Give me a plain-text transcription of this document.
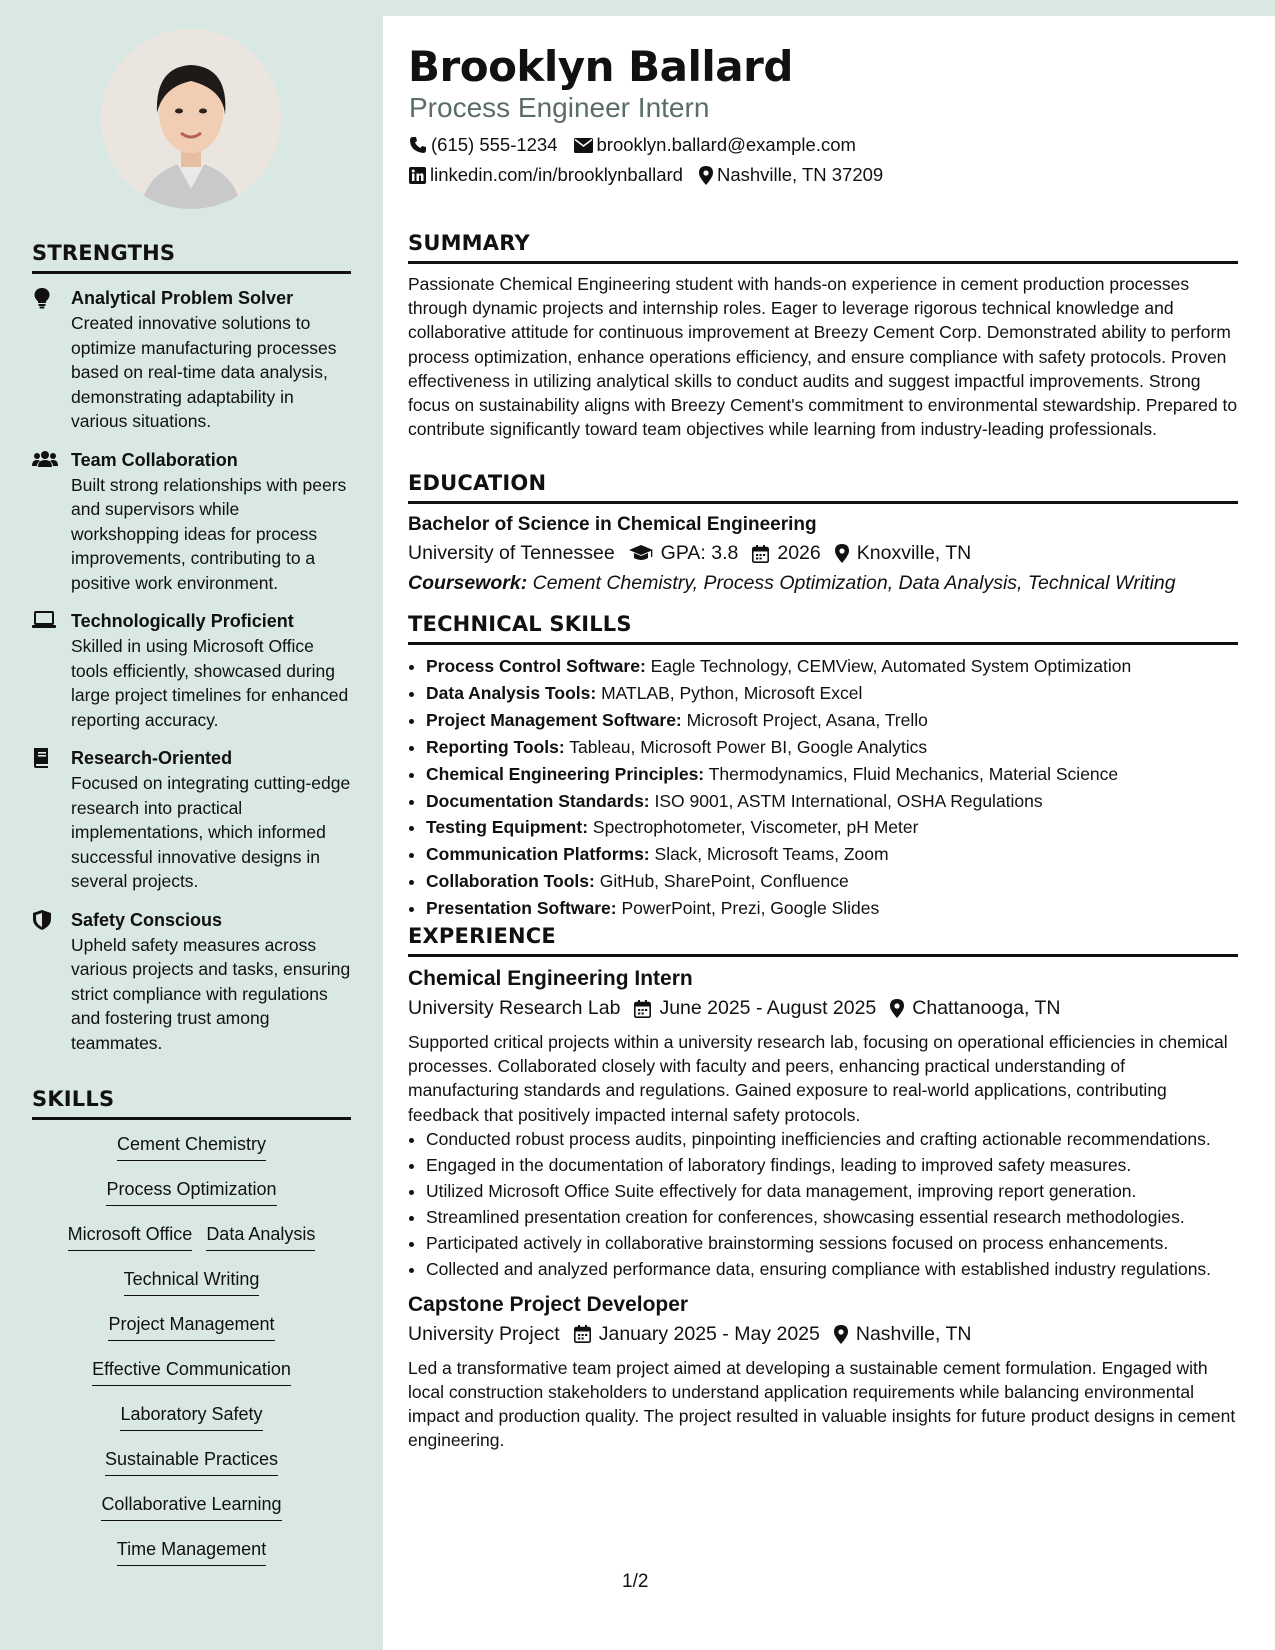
STRENGTHS
Analytical Problem Solver
Created innovative solutions to optimize manufacturing processes based on real-time data analysis, demonstrating adaptability in various situations.
Team Collaboration
Built strong relationships with peers and supervisors while workshopping ideas for process improvements, contributing to a positive work environment.
Technologically Proficient
Skilled in using Microsoft Office tools efficiently, showcased during large project timelines for enhanced reporting accuracy.
Research-Oriented
Focused on integrating cutting-edge research into practical implementations, which informed successful innovative designs in several projects.
Safety Conscious
Upheld safety measures across various projects and tasks, ensuring strict compliance with regulations and fostering trust among teammates.
SKILLS
Cement Chemistry
Process Optimization
Microsoft Office Data Analysis
Technical Writing
Project Management
Effective Communication
Laboratory Safety
Sustainable Practices
Collaborative Learning
Time Management
Brooklyn Ballard
Process Engineer Intern
(615) 555-1234 brooklyn.ballard@example.com
linkedin.com/in/brooklynballard Nashville, TN 37209
SUMMARY

Passionate Chemical Engineering student with hands-on experience in cement production processes through dynamic projects and internship roles. Eager to leverage rigorous technical knowledge and collaborative attitude for continuous improvement at Breezy Cement Corp. Demonstrated ability to perform process optimization, enhance operations efficiency, and ensure compliance with safety protocols. Proven effectiveness in utilizing analytical skills to conduct audits and suggest impactful improvements. Strong focus on sustainability aligns with Breezy Cement's commitment to environmental stewardship. Prepared to contribute significantly toward team objectives while learning from industry-leading professionals.

EDUCATION
Bachelor of Science in Chemical Engineering
University of Tennessee GPA: 3.8 2026 Knoxville, TN
Coursework: Cement Chemistry, Process Optimization, Data Analysis, Technical Writing
TECHNICAL SKILLS
• Process Control Software: Eagle Technology, CEMView, Automated System Optimization
• Data Analysis Tools: MATLAB, Python, Microsoft Excel
• Project Management Software: Microsoft Project, Asana, Trello
• Reporting Tools: Tableau, Microsoft Power BI, Google Analytics
• Chemical Engineering Principles: Thermodynamics, Fluid Mechanics, Material Science
• Documentation Standards: ISO 9001, ASTM International, OSHA Regulations
• Testing Equipment: Spectrophotometer, Viscometer, pH Meter
• Communication Platforms: Slack, Microsoft Teams, Zoom
• Collaboration Tools: GitHub, SharePoint, Confluence
• Presentation Software: PowerPoint, Prezi, Google Slides
EXPERIENCE
Chemical Engineering Intern
University Research Lab June 2025 - August 2025 Chattanooga, TN

Supported critical projects within a university research lab, focusing on operational efficiencies in chemical processes. Collaborated closely with faculty and peers, enhancing practical understanding of manufacturing standards and regulations. Gained exposure to real-world applications, contributing feedback that positively impacted internal safety protocols.

• Conducted robust process audits, pinpointing inefficiencies and crafting actionable recommendations.
• Engaged in the documentation of laboratory findings, leading to improved safety measures.
• Utilized Microsoft Office Suite effectively for data management, improving report generation.
• Streamlined presentation creation for conferences, showcasing essential research methodologies.
• Participated actively in collaborative brainstorming sessions focused on process enhancements.
• Collected and analyzed performance data, ensuring compliance with established industry regulations.
Capstone Project Developer
University Project January 2025 - May 2025 Nashville, TN

Led a transformative team project aimed at developing a sustainable cement formulation. Engaged with local construction stakeholders to understand application requirements while balancing environmental impact and production quality. The project resulted in valuable insights for future product designs in cement engineering.

1/2
